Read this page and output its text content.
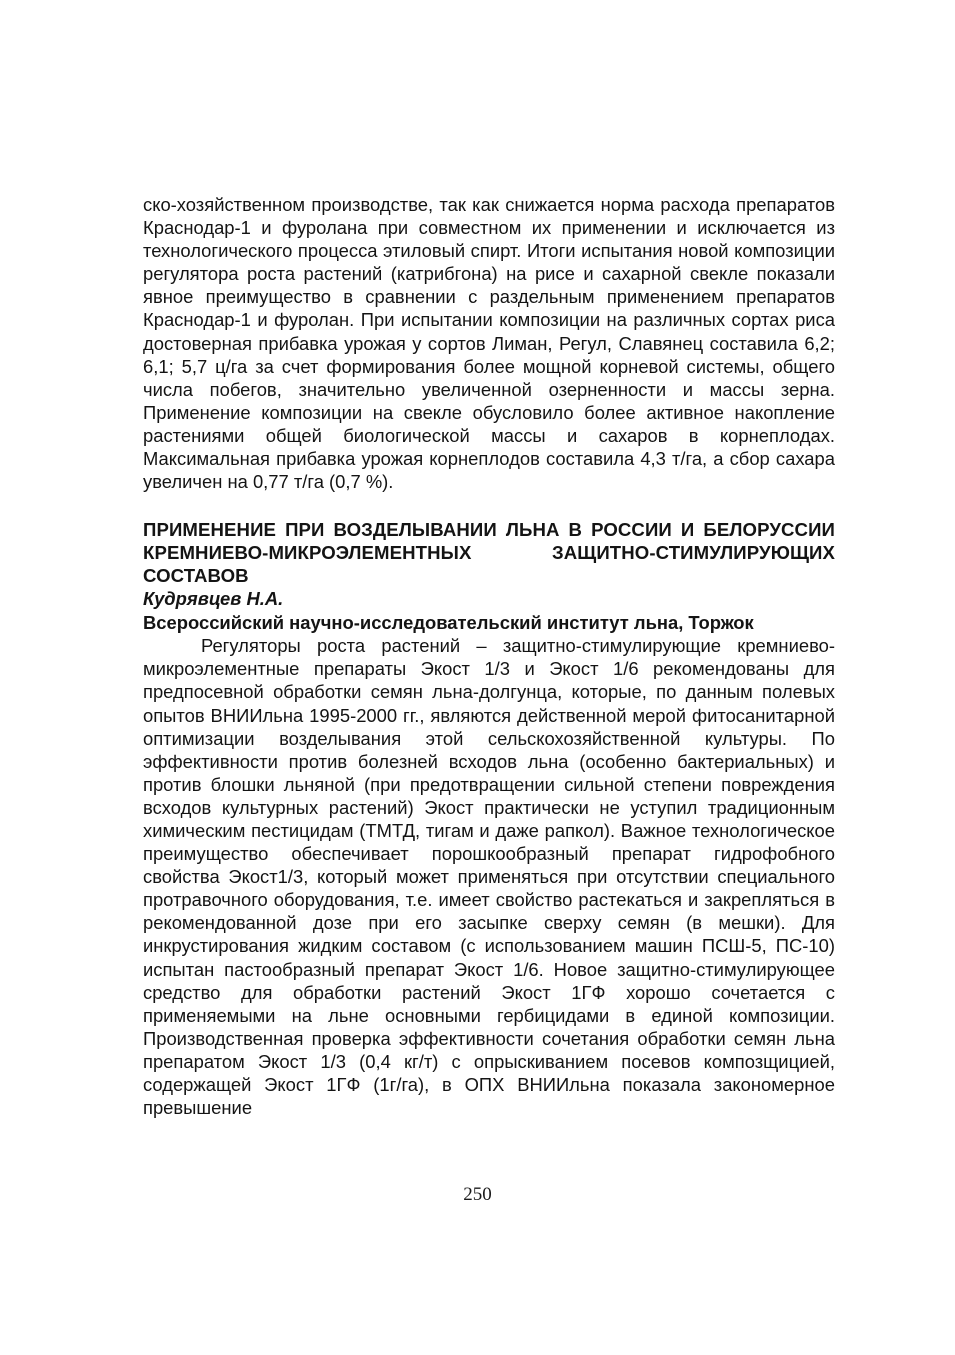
ско-хозяйственном производстве, так как снижается норма расхода препаратов Краснодар-1 и фуролана при совместном их применении и исключается из технологического процесса этиловый спирт. Итоги испытания новой композиции регулятора роста растений (катрибгона) на рисе и сахарной свекле показали явное преимущество в сравнении с раздельным применением препаратов Краснодар-1 и фуролан. При испытании композиции на различных сортах риса достоверная прибавка урожая у сортов Лиман, Регул, Славянец составила 6,2; 6,1; 5,7 ц/га за счет формирования более мощной корневой системы, общего числа побегов, значительно увеличенной озерненности и массы зерна. Применение композиции на свекле обусловило более активное накопление растениями общей биологической массы и сахаров в корнеплодах. Максимальная прибавка урожая корнеплодов составила 4,3 т/га, а сбор сахара увеличен на 0,77 т/га (0,7 %).

ПРИМЕНЕНИЕ ПРИ ВОЗДЕЛЫВАНИИ ЛЬНА В РОССИИ И БЕЛОРУССИИ КРЕМНИЕВО-МИКРОЭЛЕМЕНТНЫХ ЗАЩИТНО-СТИМУЛИРУЮЩИХ СОСТАВОВ

Кудрявцев Н.А.

Всероссийский научно-исследовательский институт льна, Торжок

Регуляторы роста растений – защитно-стимулирующие кремниево-микроэлементные препараты Экост 1/3 и Экост 1/6 рекомендованы для предпосевной обработки семян льна-долгунца, которые, по данным полевых опытов ВНИИльна 1995-2000 гг., являются действенной мерой фитосанитарной оптимизации возделывания этой сельскохозяйственной культуры. По эффективности против болезней всходов льна (особенно бактериальных) и против блошки льняной (при предотвращении сильной степени повреждения всходов культурных растений) Экост практически не уступил традиционным химическим пестицидам (ТМТД, тигам и даже рапкол). Важное технологическое преимущество обеспечивает порошкообразный препарат гидрофобного свойства Экост1/3, который может применяться при отсутствии специального протравочного оборудования, т.е. имеет свойство растекаться и закрепляться в рекомендованной дозе при его засыпке сверху семян (в мешки). Для инкрустирования жидким составом (с использованием машин ПСШ-5, ПС-10) испытан пастообразный препарат Экост 1/6. Новое защитно-стимулирующее средство для обработки растений Экост 1ГФ хорошо сочетается с применяемыми на льне основными гербицидами в единой композиции. Производственная проверка эффективности сочетания обработки семян льна препаратом Экост 1/3 (0,4 кг/т) с опрыскиванием посевов композщицией, содержащей Экост 1ГФ (1г/га), в ОПХ ВНИИльна показала закономерное превышение

250
